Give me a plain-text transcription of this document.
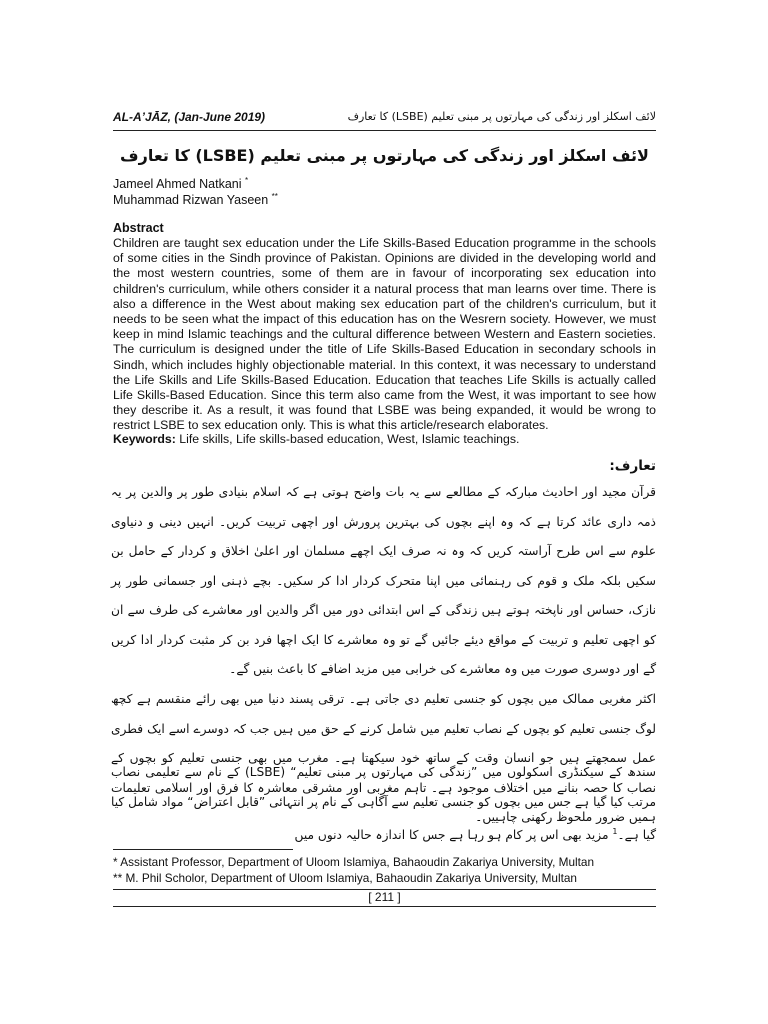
AL-AʼJĀZ, (Jan-June 2019)	لائف اسکلز اور زندگی کی مہارتوں پر مبنی تعلیم (LSBE) کا تعارف
لائف اسکلز اور زندگی کی مہارتوں پر مبنی تعلیم (LSBE) کا تعارف
Jameel Ahmed Natkani *
Muhammad Rizwan Yaseen **
Abstract

Children are taught sex education under the Life Skills-Based Education programme in the schools of some cities in the Sindh province of Pakistan. Opinions are divided in the developing world and the most western countries, some of them are in favour of incorporating sex education into children's curriculum, while others consider it a natural process that man learns over time. There is also a difference in the West about making sex education part of the children's curriculum, but it needs to be seen what the impact of this education has on the Wesrern society. However, we must keep in mind Islamic teachings and the cultural difference between Western and Eastern societies. The curriculum is designed under the title of Life Skills-Based Education in secondary schools in Sindh, which includes highly objectionable material. In this context, it was necessary to understand the Life Skills and Life Skills-Based Education. Education that teaches Life Skills is actually called Life Skills-Based Education. Since this term also came from the West, it was important to see how they describe it. As a result, it was found that LSBE was being expanded, it would be wrong to restrict LSBE to sex education only. This is what this article/research elaborates.

Keywords: Life skills, Life skills-based education, West, Islamic teachings.
تعارف:

قرآن مجید اور احادیث مبارکہ کے مطالعے سے یہ بات واضح ہوتی ہے کہ اسلام بنیادی طور پر والدین پر یہ ذمہ داری عائد کرتا ہے کہ وہ اپنے بچوں کی بہترین پرورش اور اچھی تربیت کریں۔ انہیں دینی و دنیاوی علوم سے اس طرح آراستہ کریں کہ وہ نہ صرف ایک اچھے مسلمان اور اعلیٰ اخلاق و کردار کے حامل بن سکیں بلکہ ملک و قوم کی رہنمائی میں اپنا متحرک کردار ادا کر سکیں۔ بچے ذہنی اور جسمانی طور پر نازک، حساس اور ناپختہ ہوتے ہیں زندگی کے اس ابتدائی دور میں اگر والدین اور معاشرے کی طرف سے ان کو اچھی تعلیم و تربیت کے مواقع دیئے جائیں گے تو وہ معاشرے کا ایک اچھا فرد بن کر مثبت کردار ادا کریں گے اور دوسری صورت میں وہ معاشرے کی خرابی میں مزید اضافے کا باعث بنیں گے۔

اکثر مغربی ممالک میں بچوں کو جنسی تعلیم دی جاتی ہے۔ ترقی پسند دنیا میں بھی رائے منقسم ہے کچھ لوگ جنسی تعلیم کو بچوں کے نصاب تعلیم میں شامل کرنے کے حق میں ہیں جب کہ دوسرے اسے ایک فطری عمل سمجھتے ہیں جو انسان وقت کے ساتھ خود سیکھتا ہے۔ مغرب میں بھی جنسی تعلیم کو بچوں کے نصاب کا حصہ بنانے میں اختلاف موجود ہے۔ تاہم مغربی اور مشرقی معاشرہ کا فرق اور اسلامی تعلیمات ہمیں ضرور ملحوظ رکھنی چاہییں۔

سندھ کے سیکنڈری اسکولوں میں ”زندگی کی مہارتوں پر مبنی تعلیم“ (LSBE) کے نام سے تعلیمی نصاب مرتب کیا گیا ہے جس میں بچوں کو جنسی تعلیم سے آگاہی کے نام پر انتہائی ”قابل اعتراض“ مواد شامل کیا گیا ہے۔$^1$ مزید بھی اس پر کام ہو رہا ہے جس کا اندازہ حالیہ دنوں میں

* Assistant Professor, Department of Uloom Islamiya, Bahaoudin Zakariya University, Multan
** M. Phil Scholor, Department of Uloom Islamiya, Bahaoudin Zakariya University, Multan
[ 211 ]
